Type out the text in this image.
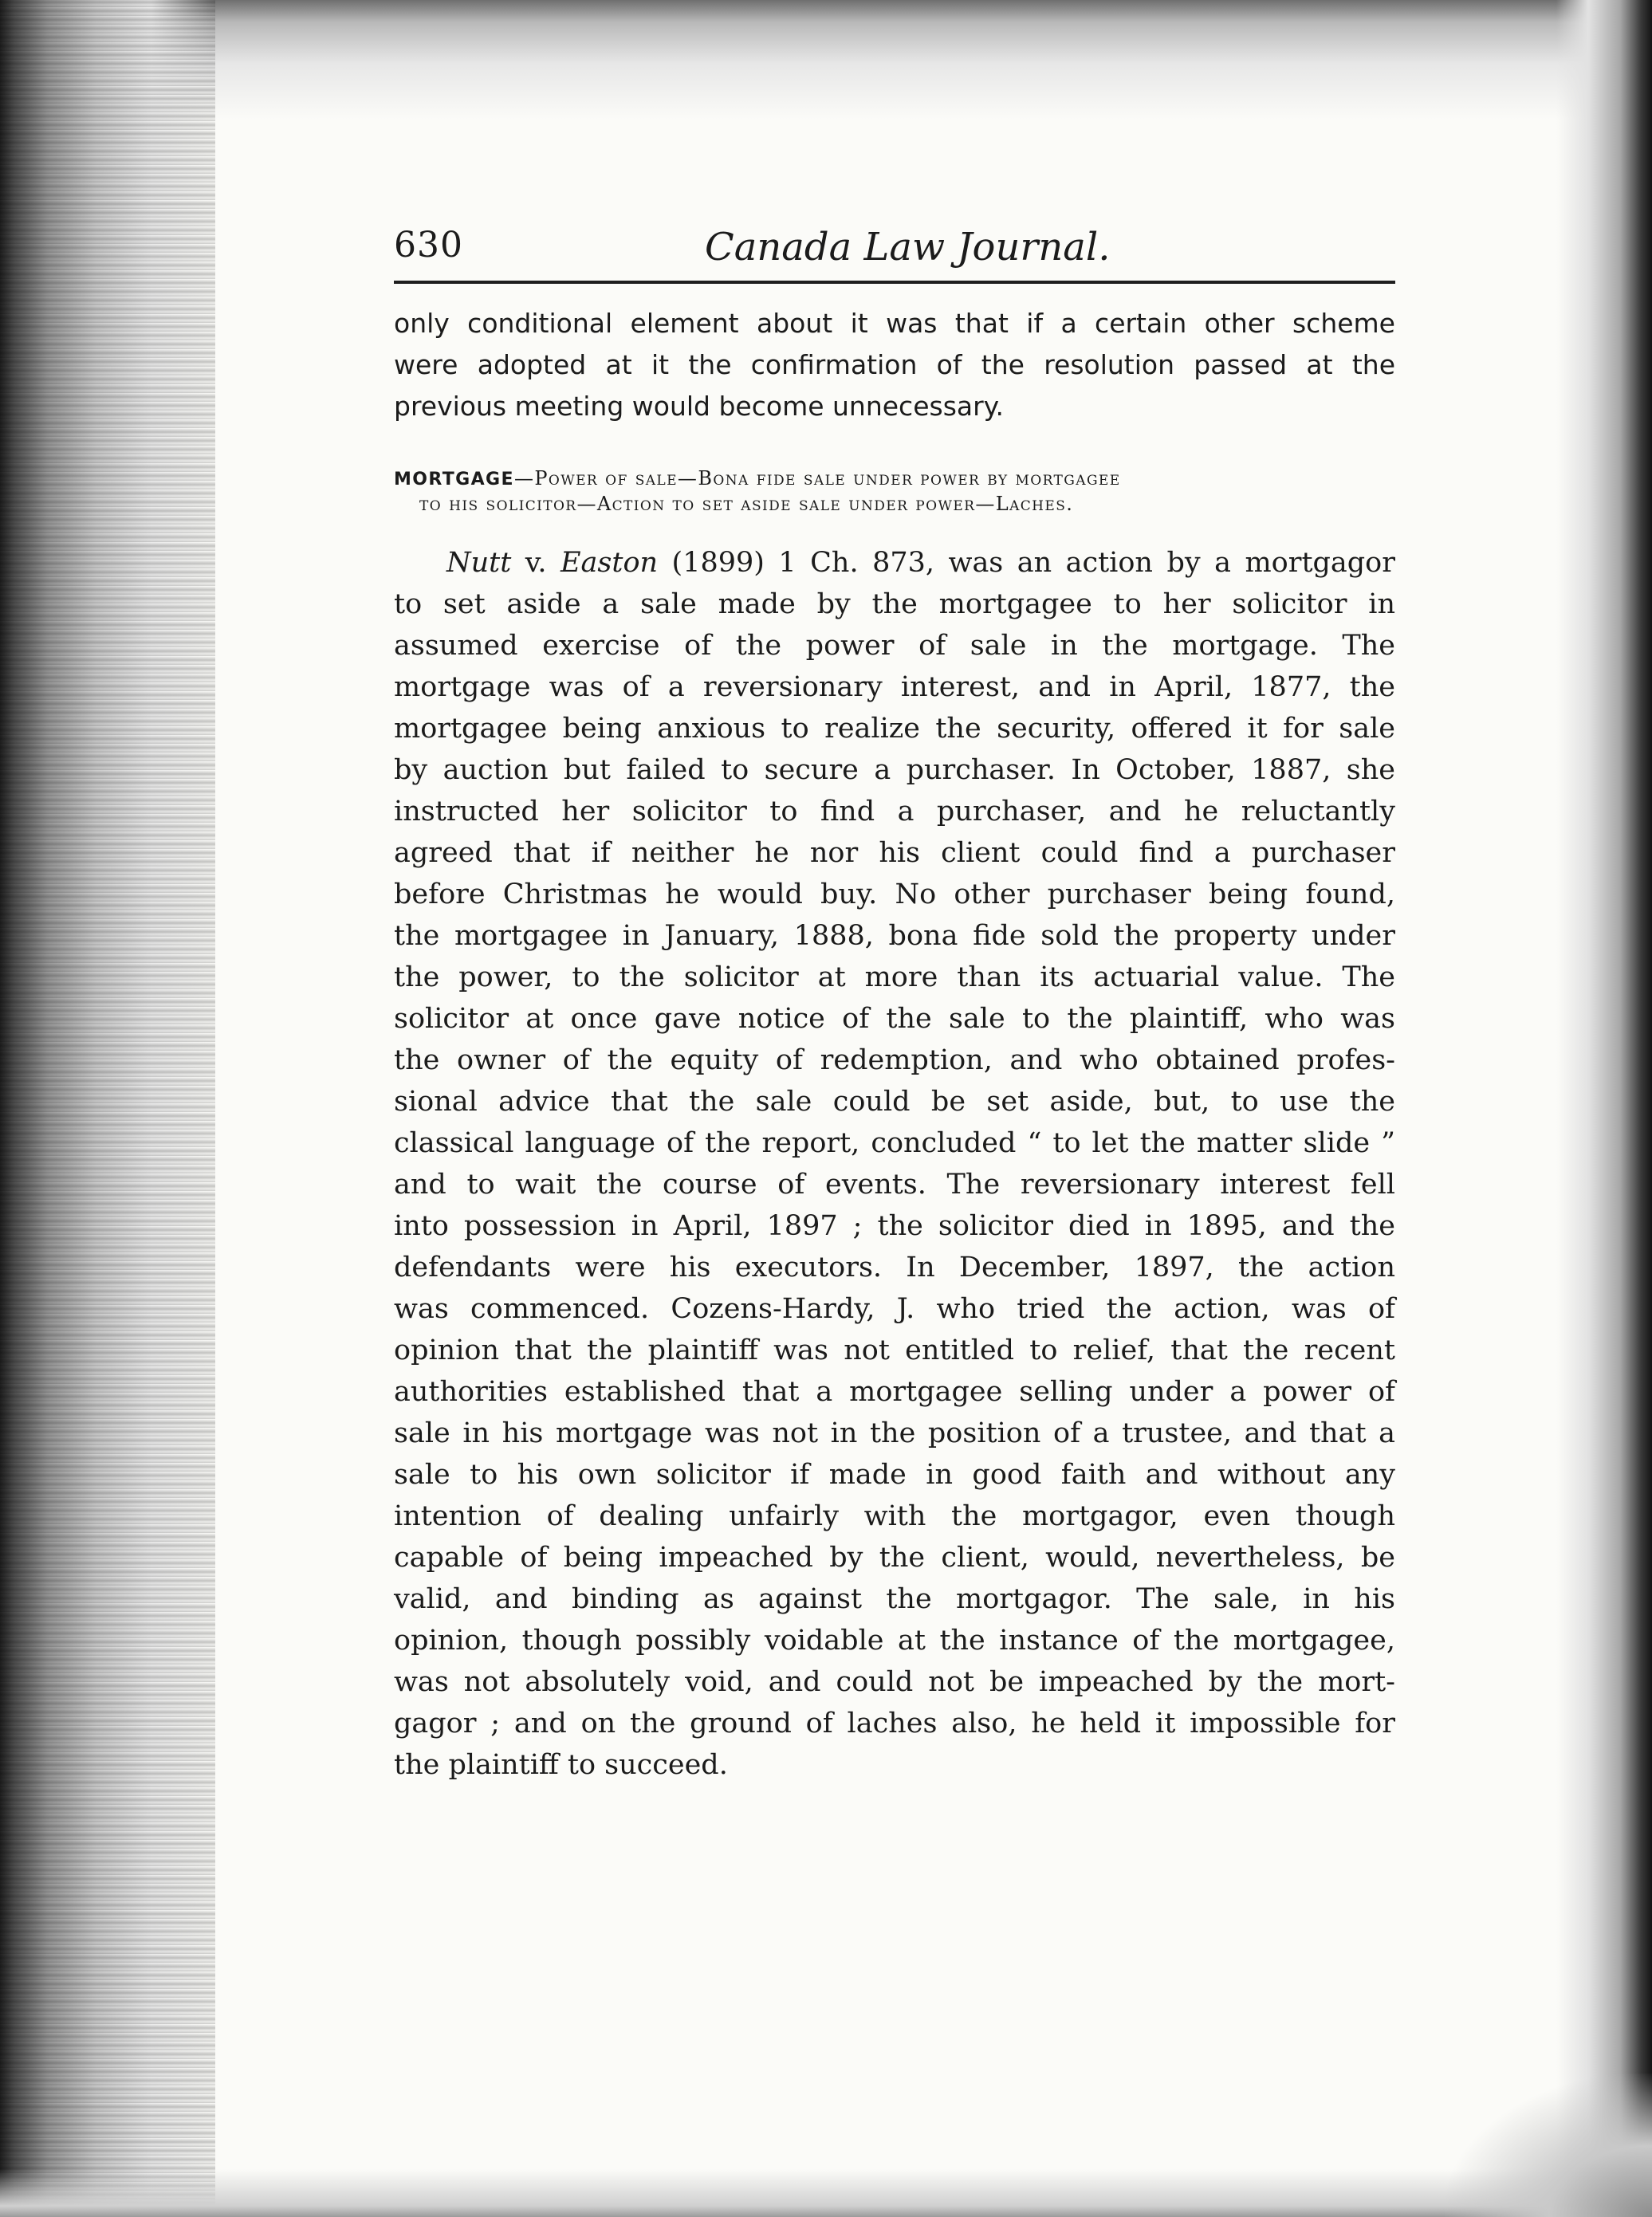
630	Canada Law Journal.
only conditional element about it was that if a certain other scheme
were adopted at it the confirmation of the resolution passed at the
previous meeting would become unnecessary.
MORTGAGE—Power of sale—Bona fide sale under power by mortgagee
to his solicitor—Action to set aside sale under power—Laches.
Nutt v. Easton (1899) 1 Ch. 873, was an action by a mortgagor
to set aside a sale made by the mortgagee to her solicitor in
assumed exercise of the power of sale in the mortgage. The
mortgage was of a reversionary interest, and in April, 1877, the
mortgagee being anxious to realize the security, offered it for sale
by auction but failed to secure a purchaser. In October, 1887, she
instructed her solicitor to find a purchaser, and he reluctantly
agreed that if neither he nor his client could find a purchaser
before Christmas he would buy. No other purchaser being found,
the mortgagee in January, 1888, bona fide sold the property under
the power, to the solicitor at more than its actuarial value. The
solicitor at once gave notice of the sale to the plaintiff, who was
the owner of the equity of redemption, and who obtained profes-
sional advice that the sale could be set aside, but, to use the
classical language of the report, concluded “ to let the matter slide ”
and to wait the course of events. The reversionary interest fell
into possession in April, 1897 ; the solicitor died in 1895, and the
defendants were his executors. In December, 1897, the action
was commenced. Cozens-Hardy, J. who tried the action, was of
opinion that the plaintiff was not entitled to relief, that the recent
authorities established that a mortgagee selling under a power of
sale in his mortgage was not in the position of a trustee, and that a
sale to his own solicitor if made in good faith and without any
intention of dealing unfairly with the mortgagor, even though
capable of being impeached by the client, would, nevertheless, be
valid, and binding as against the mortgagor. The sale, in his
opinion, though possibly voidable at the instance of the mortgagee,
was not absolutely void, and could not be impeached by the mort-
gagor ; and on the ground of laches also, he held it impossible for
the plaintiff to succeed.
